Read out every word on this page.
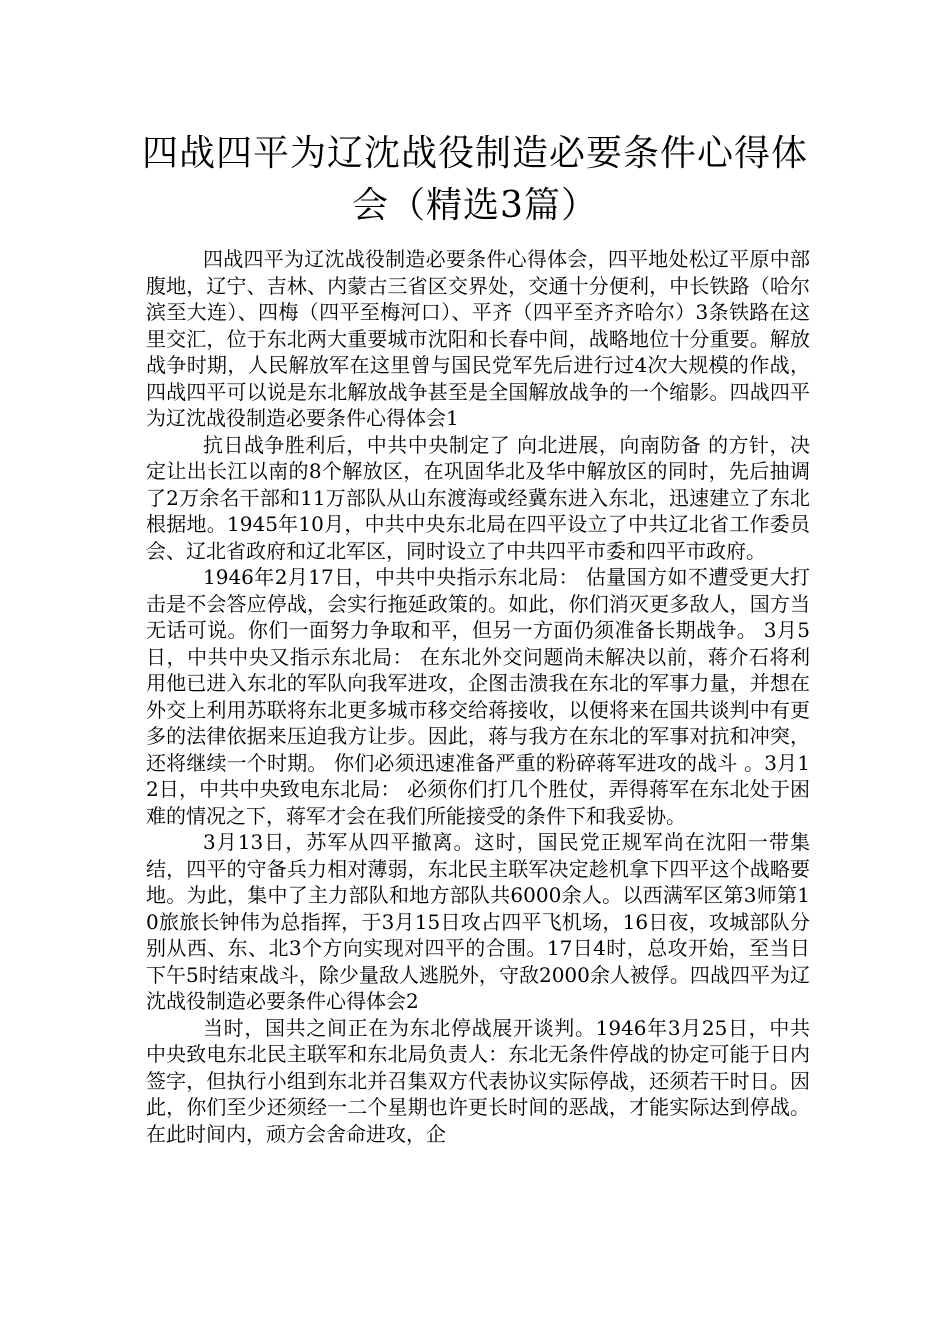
四战四平为辽沈战役制造必要条件心得体会（精选3篇）

四战四平为辽沈战役制造必要条件心得体会，四平地处松辽平原中部腹地，辽宁、吉林、内蒙古三省区交界处，交通十分便利，中长铁路（哈尔滨至大连）、四梅（四平至梅河口）、平齐（四平至齐齐哈尔）3条铁路在这里交汇，位于东北两大重要城市沈阳和长春中间，战略地位十分重要。解放战争时期，人民解放军在这里曾与国民党军先后进行过4次大规模的作战，四战四平可以说是东北解放战争甚至是全国解放战争的一个缩影。四战四平为辽沈战役制造必要条件心得体会1

抗日战争胜利后，中共中央制定了 向北进展，向南防备 的方针，决定让出长江以南的8个解放区，在巩固华北及华中解放区的同时，先后抽调了2万余名干部和11万部队从山东渡海或经冀东进入东北，迅速建立了东北根据地。1945年10月，中共中央东北局在四平设立了中共辽北省工作委员会、辽北省政府和辽北军区，同时设立了中共四平市委和四平市政府。

1946年2月17日，中共中央指示东北局： 估量国方如不遭受更大打击是不会答应停战，会实行拖延政策的。如此，你们消灭更多敌人，国方当无话可说。你们一面努力争取和平，但另一方面仍须准备长期战争。 3月5日，中共中央又指示东北局： 在东北外交问题尚未解决以前，蒋介石将利用他已进入东北的军队向我军进攻，企图击溃我在东北的军事力量，并想在外交上利用苏联将东北更多城市移交给蒋接收，以便将来在国共谈判中有更多的法律依据来压迫我方让步。因此，蒋与我方在东北的军事对抗和冲突，还将继续一个时期。 你们必须迅速准备严重的粉碎蒋军进攻的战斗 。3月12日，中共中央致电东北局： 必须你们打几个胜仗，弄得蒋军在东北处于困难的情况之下，蒋军才会在我们所能接受的条件下和我妥协。

3月13日，苏军从四平撤离。这时，国民党正规军尚在沈阳一带集结，四平的守备兵力相对薄弱，东北民主联军决定趁机拿下四平这个战略要地。为此，集中了主力部队和地方部队共6000余人。以西满军区第3师第10旅旅长钟伟为总指挥，于3月15日攻占四平飞机场，16日夜，攻城部队分别从西、东、北3个方向实现对四平的合围。17日4时，总攻开始，至当日下午5时结束战斗，除少量敌人逃脱外，守敌2000余人被俘。四战四平为辽沈战役制造必要条件心得体会2

当时，国共之间正在为东北停战展开谈判。1946年3月25日，中共中央致电东北民主联军和东北局负责人：东北无条件停战的协定可能于日内签字，但执行小组到东北并召集双方代表协议实际停战，还须若干时日。因此，你们至少还须经一二个星期也许更长时间的恶战，才能实际达到停战。在此时间内，顽方会舍命进攻，企
